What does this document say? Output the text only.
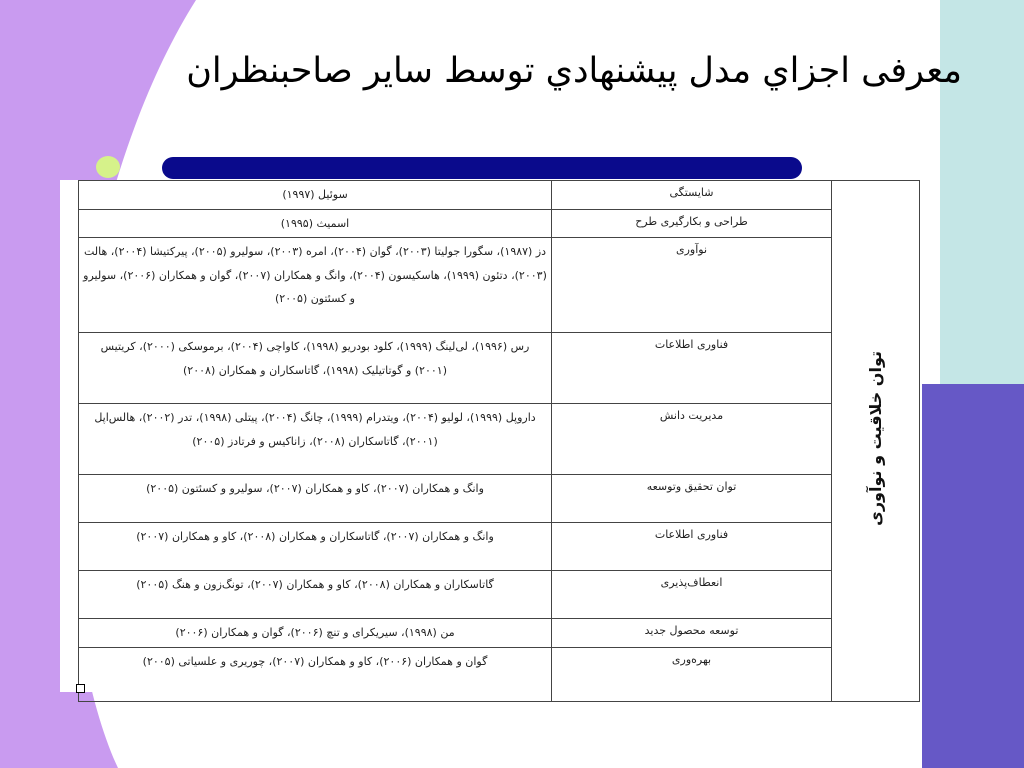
معرفى اجزاي مدل پيشنهادي توسط ساير صاحبنظران
توان خلاقیت و نوآوری	شایستگی	سوئیل (۱۹۹۷)
	طراحی و بکارگیری طرح	اسمیث (۱۹۹۵)
	نوآوری	دز (۱۹۸۷)، سگورا جولیتا (۲۰۰۳)، گوان (۲۰۰۴)، امره (۲۰۰۳)، سولیرو (۲۰۰۵)، پیرکتیشا (۲۰۰۴)، هالت (۲۰۰۳)، دتئون (۱۹۹۹)، هاسکیسون (۲۰۰۴)، وانگ و همکاران (۲۰۰۷)، گوان و همکاران (۲۰۰۶)، سولیرو و کسئتون (۲۰۰۵)
	فناوری اطلاعات	رس (۱۹۹۶)، لی‌لینگ (۱۹۹۹)، کلود بودریو (۱۹۹۸)، کاواچی (۲۰۰۴)، برموسکی (۲۰۰۰)، کریتیس (۲۰۰۱) و گوتاتیلیک (۱۹۹۸)، گاتاسکاران و همکاران (۲۰۰۸)
	مدیریت دانش	داروپل (۱۹۹۹)، لولیو (۲۰۰۴)، ویتدرام (۱۹۹۹)، چانگ (۲۰۰۴)، پیتلی (۱۹۹۸)، تدر (۲۰۰۲)، هالس‌اپل (۲۰۰۱)، گاتاسکاران (۲۰۰۸)، زاناکیس و فرتادز (۲۰۰۵)
	توان تحقیق وتوسعه	وانگ و همکاران (۲۰۰۷)، کاو و همکاران (۲۰۰۷)، سولیرو و کسئتون (۲۰۰۵)
	فناوری اطلاعات	وانگ و همکاران (۲۰۰۷)، گاتاسکاران و همکاران (۲۰۰۸)، کاو و همکاران (۲۰۰۷)
	انعطاف‌پذیری	گاتاسکاران و همکاران (۲۰۰۸)، کاو و همکاران (۲۰۰۷)، تونگ‌زون و هنگ (۲۰۰۵)
	توسعه محصول جدید	من (۱۹۹۸)، سیریکرای و تنچ (۲۰۰۶)، گوان و همکاران (۲۰۰۶)
	بهره‌وری	گوان و همکاران (۲۰۰۶)، کاو و همکاران (۲۰۰۷)، چوریری و علسیاتی (۲۰۰۵)
